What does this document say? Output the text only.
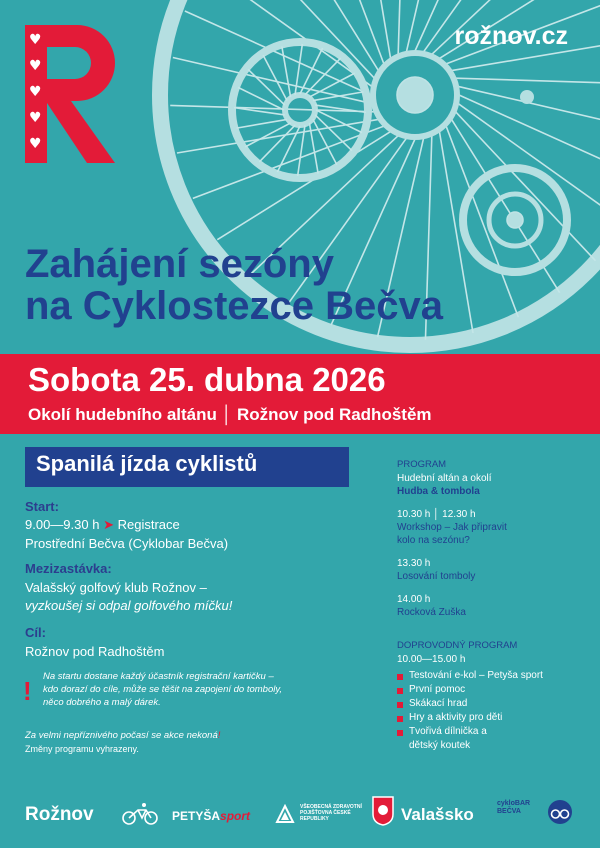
♥
♥
♥
♥
♥
rožnov.cz
Zahájení sezóny
na Cyklostezce Bečva
Sobota 25. dubna 2026
Okolí hudebního altánu │ Rožnov pod Radhoštěm
Spanilá jízda cyklistů
Start:
9.00—9.30 h ➤ Registrace
Prostřední Bečva (Cyklobar Bečva)
Mezizastávka:
Valašský golfový klub Rožnov –
vyzkoušej si odpal golfového míčku!
Cíl:
Rožnov pod Radhoštěm
! Na startu dostane každý účastník registrační kartičku –
kdo dorazí do cíle, může se těšit na zapojení do tomboly,
něco dobrého a malý dárek.
Za velmi nepříznivého počasí se akce nekoná!
Změny programu vyhrazeny.
PROGRAM
Hudební altán a okolí
Hudba & tombola
10.30 h │ 12.30 h
Workshop – Jak připravit kolo na sezónu?
13.30 h
Losování tomboly
14.00 h
Rocková Zuška
DOPROVODNÝ PROGRAM
10.00—15.00 h
Testování e-kol – Petyša sport
První pomoc
Skákací hrad
Hry a aktivity pro děti
Tvořivá dílnička a dětský koutek
Rožnov	PETYŠAsport
VŠEOBECNÁ ZDRAVOTNÍ POJIŠŤOVNA ČESKÉ REPUBLIKY	Valašsko
cykloBAR BEČVA
